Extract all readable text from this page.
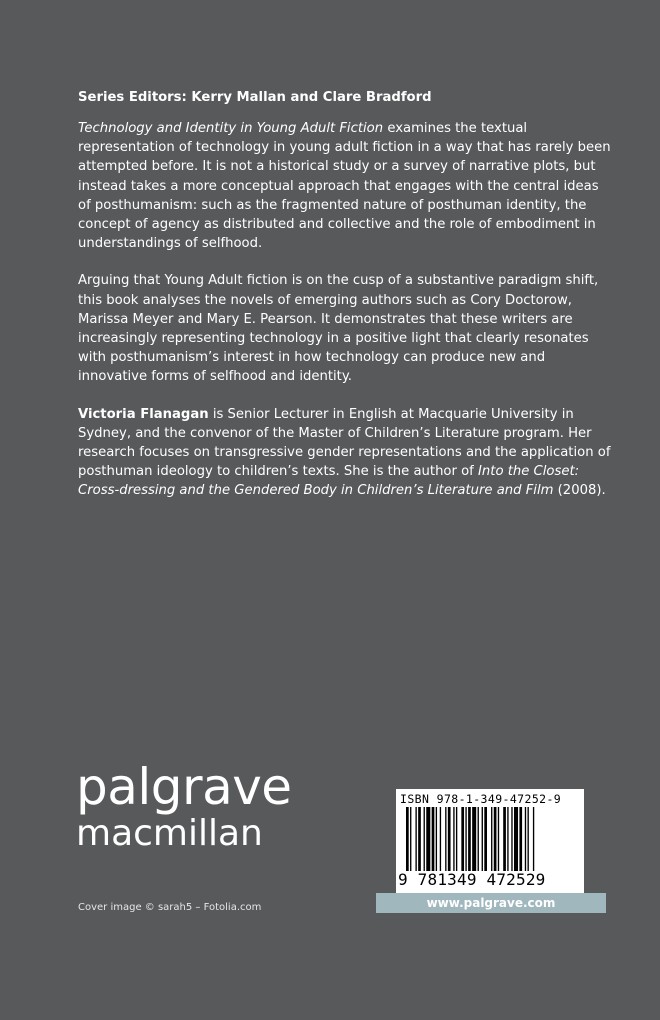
Series Editors: Kerry Mallan and Clare Bradford

Technology and Identity in Young Adult Fiction examines the textual representation of technology in young adult fiction in a way that has rarely been attempted before. It is not a historical study or a survey of narrative plots, but instead takes a more conceptual approach that engages with the central ideas of posthumanism: such as the fragmented nature of posthuman identity, the concept of agency as distributed and collective and the role of embodiment in understandings of selfhood.

Arguing that Young Adult fiction is on the cusp of a substantive paradigm shift, this book analyses the novels of emerging authors such as Cory Doctorow, Marissa Meyer and Mary E. Pearson. It demonstrates that these writers are increasingly representing technology in a positive light that clearly resonates with posthumanism’s interest in how technology can produce new and innovative forms of selfhood and identity.

Victoria Flanagan is Senior Lecturer in English at Macquarie University in Sydney, and the convenor of the Master of Children’s Literature program. Her research focuses on transgressive gender representations and the application of posthuman ideology to children’s texts. She is the author of Into the Closet: Cross-dressing and the Gendered Body in Children’s Literature and Film (2008).

palgrave
macmillan
ISBN 978-1-349-47252-9
9 781349 472529
www.palgrave.com
Cover image © sarah5 – Fotolia.com
